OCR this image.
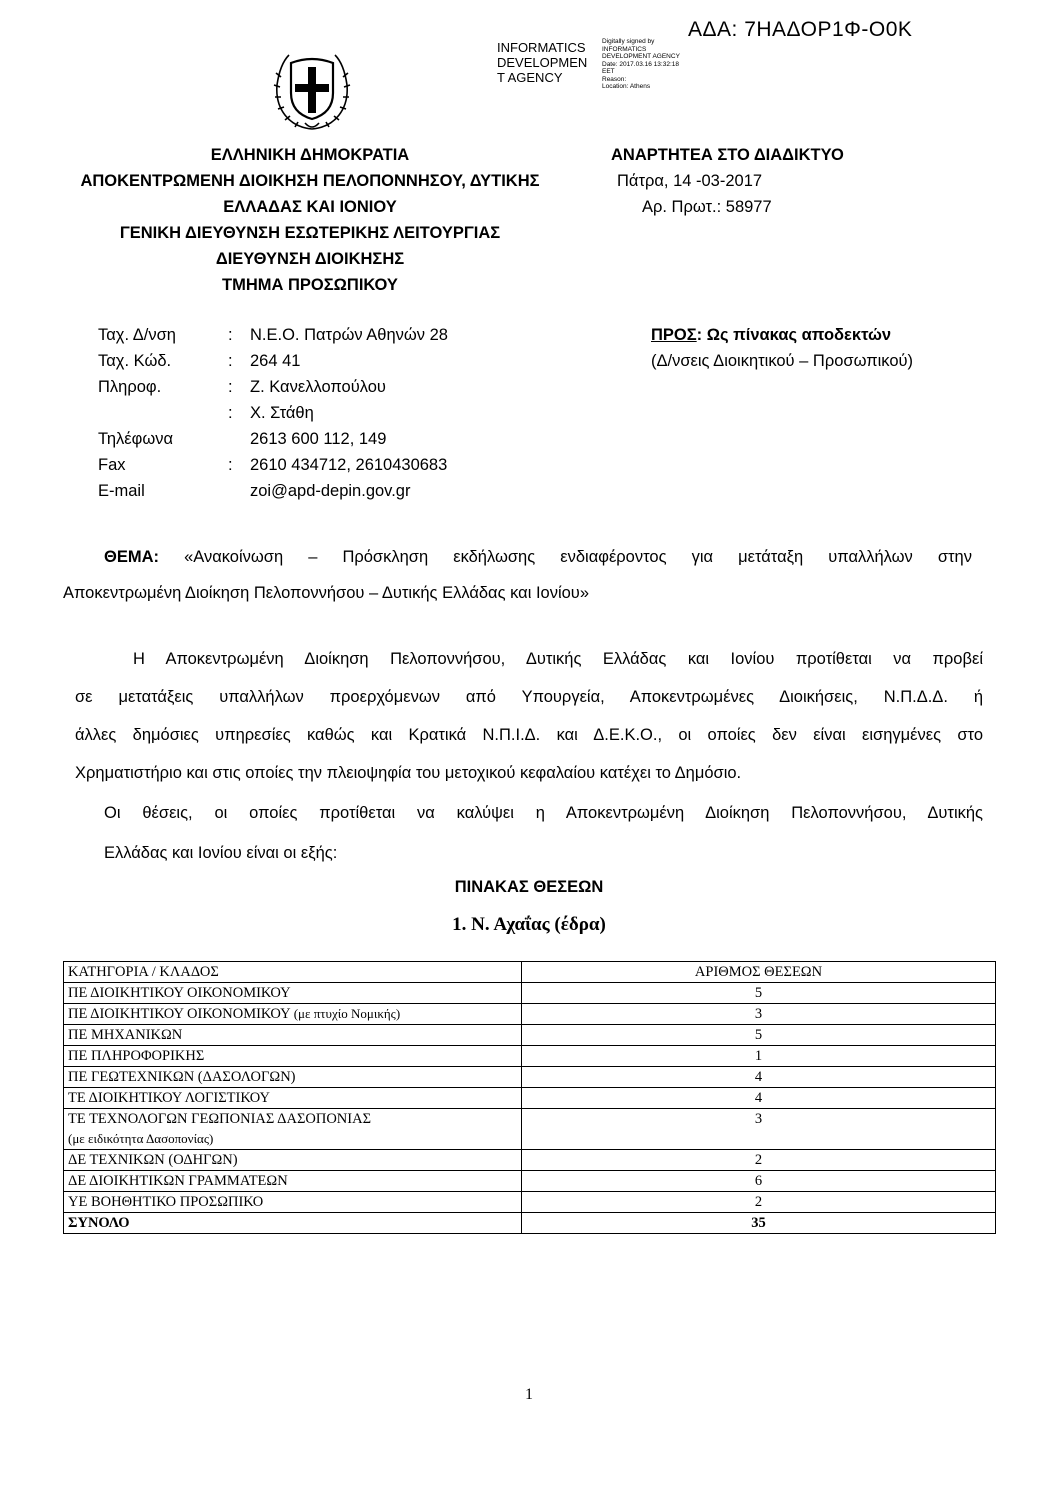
ΑΔΑ: 7ΗΑΔΟΡ1Φ-Ο0Κ
INFORMATICS
DEVELOPMEN
T AGENCY
Digitally signed by
INFORMATICS
DEVELOPMENT AGENCY
Date: 2017.03.16 13:32:18
EET
Reason:
Location: Athens
ΕΛΛΗΝΙΚΗ ΔΗΜΟΚΡΑΤΙΑ
ΑΠΟΚΕΝΤΡΩΜΕΝΗ ΔΙΟΙΚΗΣΗ ΠΕΛΟΠΟΝΝΗΣΟΥ, ΔΥΤΙΚΗΣ
ΕΛΛΑΔΑΣ ΚΑΙ ΙΟΝΙΟΥ
ΓΕΝΙΚΗ ΔΙΕΥΘΥΝΣΗ ΕΣΩΤΕΡΙΚΗΣ ΛΕΙΤΟΥΡΓΙΑΣ
ΔΙΕΥΘΥΝΣΗ ΔΙΟΙΚΗΣΗΣ
ΤΜΗΜΑ ΠΡΟΣΩΠΙΚΟΥ
ΑΝΑΡΤΗΤΕΑ ΣΤΟ ΔΙΑΔΙΚΤΥΟ
Πάτρα, 14 -03-2017
Αρ. Πρωτ.: 58977
Ταχ. Δ/νση	: Ν.Ε.Ο. Πατρών Αθηνών 28
Ταχ. Κώδ.	: 264 41
Πληροφ.	: Ζ. Κανελλοπούλου
: Χ. Στάθη
Τηλέφωνα	2613 600 112, 149
Fax	: 2610 434712, 2610430683
E-mail	zoi@apd-depin.gov.gr
ΠΡΟΣ: Ως πίνακας αποδεκτών
(Δ/νσεις Διοικητικού – Προσωπικού)
ΘΕΜΑ: «Ανακοίνωση – Πρόσκληση εκδήλωσης ενδιαφέροντος για μετάταξη υπαλλήλων στην
Αποκεντρωμένη Διοίκηση Πελοποννήσου – Δυτικής Ελλάδας και Ιονίου»
Η Αποκεντρωμένη Διοίκηση Πελοποννήσου, Δυτικής Ελλάδας και Ιονίου προτίθεται να προβεί
σε μετατάξεις υπαλλήλων προερχόμενων από Υπουργεία, Αποκεντρωμένες Διοικήσεις, Ν.Π.Δ.Δ. ή
άλλες δημόσιες υπηρεσίες καθώς και Κρατικά Ν.Π.Ι.Δ. και Δ.Ε.Κ.Ο., οι οποίες δεν είναι εισηγμένες στο
Χρηματιστήριο και στις οποίες την πλειοψηφία του μετοχικού κεφαλαίου κατέχει το Δημόσιο.
Οι θέσεις, οι οποίες προτίθεται να καλύψει η Αποκεντρωμένη Διοίκηση Πελοποννήσου, Δυτικής
Ελλάδας και Ιονίου είναι οι εξής:
ΠΙΝΑΚΑΣ ΘΕΣΕΩΝ
1. Ν. Αχαΐας (έδρα)
ΚΑΤΗΓΟΡΙΑ / ΚΛΑΔΟΣ	ΑΡΙΘΜΟΣ ΘΕΣΕΩΝ
ΠΕ ΔΙΟΙΚΗΤΙΚΟΥ ΟΙΚΟΝΟΜΙΚΟΥ	5
ΠΕ ΔΙΟΙΚΗΤΙΚΟΥ ΟΙΚΟΝΟΜΙΚΟΥ (με πτυχίο Νομικής)	3
ΠΕ ΜΗΧΑΝΙΚΩΝ	5
ΠΕ ΠΛΗΡΟΦΟΡΙΚΗΣ	1
ΠΕ ΓΕΩΤΕΧΝΙΚΩΝ (ΔΑΣΟΛΟΓΩΝ)	4
ΤΕ ΔΙΟΙΚΗΤΙΚΟΥ ΛΟΓΙΣΤΙΚΟΥ	4
ΤΕ ΤΕΧΝΟΛΟΓΩΝ ΓΕΩΠΟΝΙΑΣ ΔΑΣΟΠΟΝΙΑΣ
(με ειδικότητα Δασοπονίας)	3
ΔΕ ΤΕΧΝΙΚΩΝ (ΟΔΗΓΩΝ)	2
ΔΕ ΔΙΟΙΚΗΤΙΚΩΝ ΓΡΑΜΜΑΤΕΩΝ	6
ΥΕ ΒΟΗΘΗΤΙΚΟ ΠΡΟΣΩΠΙΚΟ	2
ΣΥΝΟΛΟ	35
1
